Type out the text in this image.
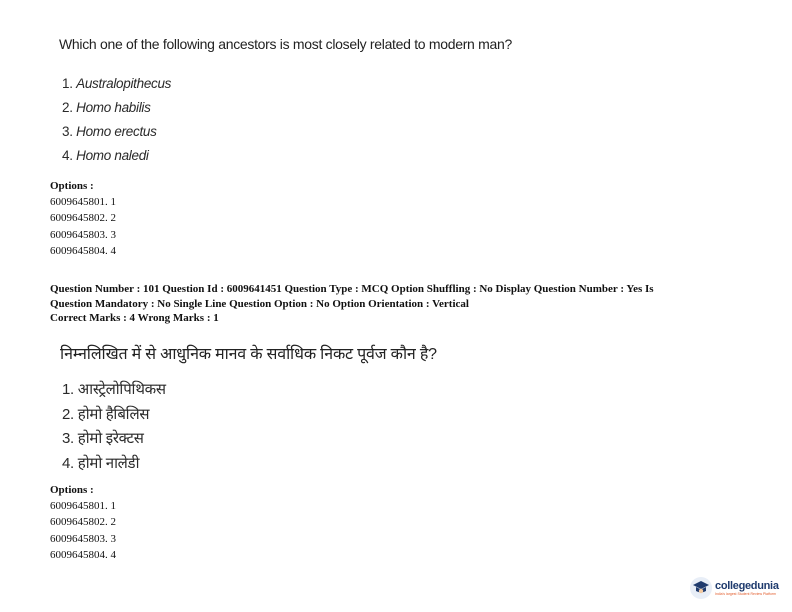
Which one of the following ancestors is most closely related to modern man?
1. Australopithecus
2. Homo habilis
3. Homo erectus
4. Homo naledi
Options :
6009645801. 1
6009645802. 2
6009645803. 3
6009645804. 4
Question Number : 101 Question Id : 6009641451 Question Type : MCQ Option Shuffling : No Display Question Number : Yes Is
Question Mandatory : No Single Line Question Option : No Option Orientation : Vertical
Correct Marks : 4 Wrong Marks : 1
निम्नलिखित में से आधुनिक मानव के सर्वाधिक निकट पूर्वज कौन है?
1. आस्ट्रेलोपिथिकस
2. होमो हैबिलिस
3. होमो इरेक्टस
4. होमो नालेडी
Options :
6009645801. 1
6009645802. 2
6009645803. 3
6009645804. 4
collegedunia
India's largest Student Review Platform
